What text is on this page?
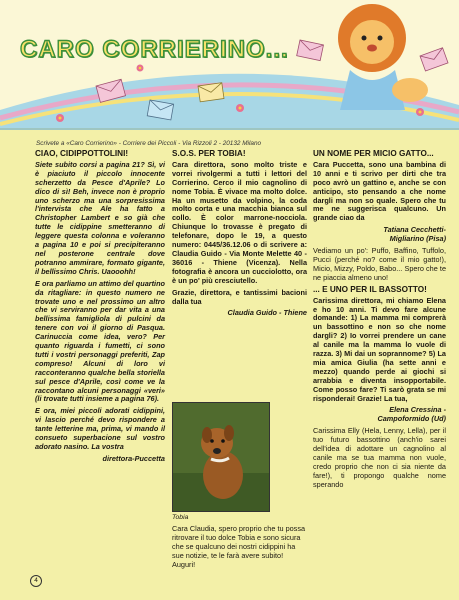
CARO CORRIERINO...
Scrivete a «Caro Corrierino» - Corriere dei Piccoli - Via Rizzoli 2 - 20132 Milano
CIAO, CIDIPPOTTOLINI!
Siete subito corsi a pagina 21? Sì, vi è piaciuto il piccolo innocente scherzetto da Pesce d'Aprile? Lo dico di sì! Beh, invece non è proprio uno scherzo ma una sorpresissima l'intervista che Ale ha fatto a Christopher Lambert e so già che tutte le cidippine smetteranno di leggere questa colonna e voleranno a pagina 10 e poi si precipiteranno nel posterone centrale dove potranno ammirare, formato gigante, il bellissimo Chris. Uaooohh!
E ora parliamo un attimo del quartino da ritagliare: in questo numero ne trovate uno e nel prossimo un altro che vi serviranno per dar vita a una bellissima famigliola di pulcini da tenere con voi il giorno di Pasqua. Carinuccia come idea, vero? Per quanto riguarda i fumetti, ci sono tutti i vostri personaggi preferiti, Zap compreso! Alcuni di loro vi racconteranno qualche bella storiella sul pesce d'Aprile, così come ve la raccontano alcuni personaggi «veri» (li trovate tutti insieme a pagina 76).
E ora, miei piccoli adorati cidippini, vi lascio perché devo rispondere a tante letterine ma, prima, vi mando il consueto superbacione sul vostro adorato nasino. La vostra
direttora-Puccetta
S.O.S. PER TOBIA!
Cara direttora, sono molto triste e vorrei rivolgermi a tutti i lettori del Corrierino. Cerco il mio cagnolino di nome Tobia. È vivace ma molto dolce. Ha un musetto da volpino, la coda molto corta e una macchia bianca sul collo. È color marrone-nocciola. Chiunque lo trovasse è pregato di telefonare, dopo le 19, a questo numero: 0445/36.12.06 o di scrivere a: Claudia Guido - Via Monte Melette 40 - 36016 - Thiene (Vicenza). Nella fotografia è ancora un cucciolotto, ora è un po' più cresciutello.
Grazie, direttora, e tantissimi bacioni dalla tua
Claudia Guido - Thiene
Tobia
Cara Claudia, spero proprio che tu possa ritrovare il tuo dolce Tobia e sono sicura che se qualcuno dei nostri cidippini ha sue notizie, te le farà avere subito! Auguri!
UN NOME PER MICIO GATTO...
Cara Puccetta, sono una bambina di 10 anni e ti scrivo per dirti che tra poco avrò un gattino e, anche se con anticipo, sto pensando a che nome dargli ma non so quale. Spero che tu me ne suggerisca qualcuno. Un grande ciao da
Tatiana Cecchetti-
Migliarino (Pisa)
Vediamo un po': Puffo, Baffino, Tuffolo, Pucci (perché no? come il mio gatto!), Micio, Mizzy, Poldo, Babo... Spero che te ne piaccia almeno uno!
... E UNO PER IL BASSOTTO!
Carissima direttora, mi chiamo Elena e ho 10 anni. Ti devo fare alcune domande: 1) La mamma mi comprerà un bassottino e non so che nome dargli? 2) Io vorrei prendere un cane al canile ma la mamma lo vuole di razza. 3) Mi dai un soprannome? 5) La mia amica Giulia (ha sette anni e mezzo) quando perde ai giochi si arrabbia e diventa insopportabile. Come posso fare? Ti sarò grata se mi risponderai! Grazie! La tua,
Elena Cressina -
Campoformido (Ud)
Carissima Elly (Hela, Lenny, Lella), per il tuo futuro bassottino (anch'io sarei dell'idea di adottare un cagnolino al canile ma se tua mamma non vuole, credo proprio che non ci sia niente da fare!), ti propongo qualche nome sperando
4
